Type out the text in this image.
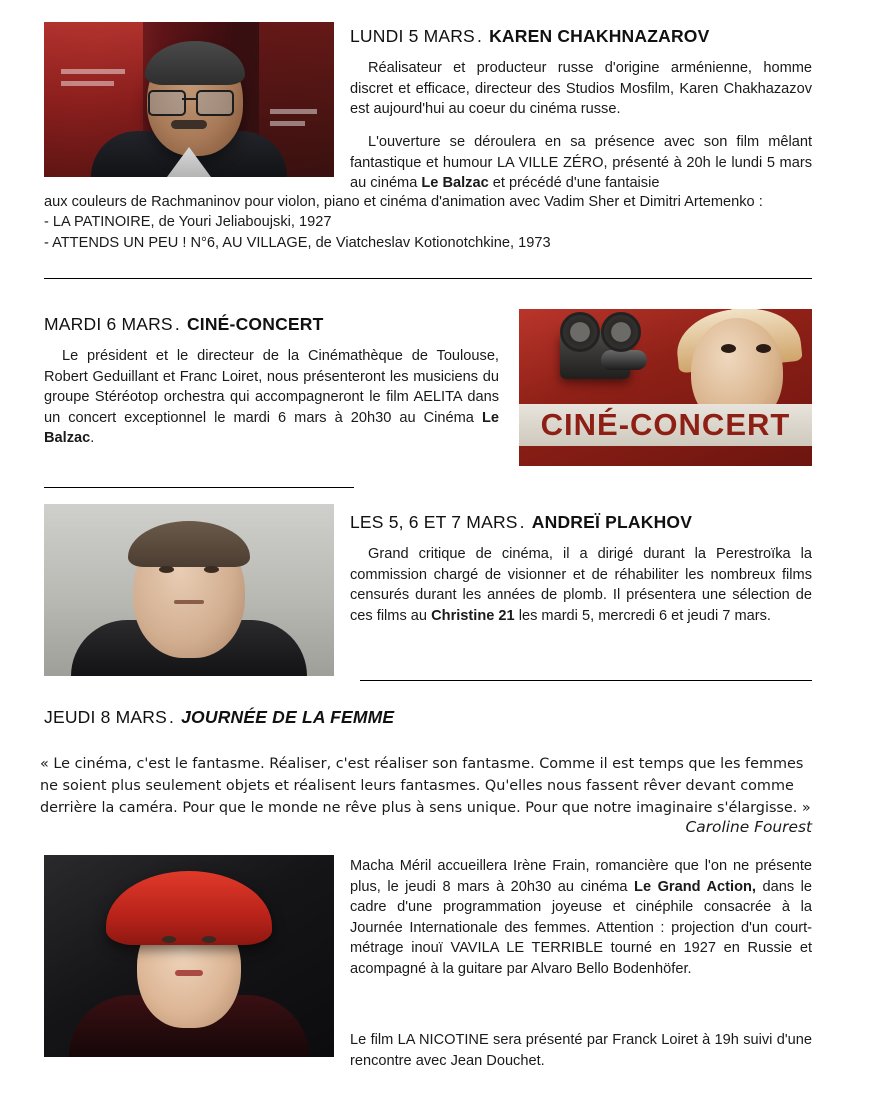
LUNDI 5 MARS . KAREN CHAKHNAZAROV
Réalisateur et producteur russe d'origine arménienne, homme discret et efficace, directeur des Studios Mosfilm, Karen Chakhazazov est aujourd'hui au coeur du cinéma russe.
L'ouverture se déroulera en sa présence avec son film mêlant fantastique et humour LA VILLE ZÉRO, présenté à 20h le lundi 5 mars au cinéma Le Balzac et précédé d'une fantaisie
aux couleurs de Rachmaninov pour violon, piano et cinéma d'animation avec Vadim Sher et Dimitri Artemenko :
- LA PATINOIRE, de Youri Jeliaboujski, 1927
- ATTENDS UN PEU ! N°6, AU VILLAGE, de Viatcheslav Kotionotchkine, 1973
MARDI 6 MARS . CINÉ-CONCERT
Le président et le directeur de la Cinémathèque de Toulouse, Robert Geduillant et Franc Loiret, nous présenteront les musiciens du groupe Stéréotop orchestra qui accompagneront le film AELITA dans un concert exceptionnel le mardi 6 mars à 20h30 au Cinéma Le Balzac.	CINÉ-CONCERT
LES 5, 6 ET 7 MARS . ANDREÏ PLAKHOV
Grand critique de cinéma, il a dirigé durant la Perestroïka la commission chargé de visionner et de réhabiliter les nombreux films censurés durant les années de plomb. Il présentera une sélection de ces films au Christine 21 les mardi 5, mercredi 6 et jeudi 7 mars.
JEUDI 8 MARS . JOURNÉE DE LA FEMME
« Le cinéma, c'est le fantasme. Réaliser, c'est réaliser son fantasme. Comme il est temps que les femmes ne soient plus seulement objets et réalisent leurs fantasmes. Qu'elles nous fassent rêver devant comme derrière la caméra. Pour que le monde ne rêve plus à sens unique. Pour que notre imaginaire s'élargisse. »
Caroline Fourest
Macha Méril accueillera Irène Frain, romancière que l'on ne présente plus, le jeudi 8 mars à 20h30 au cinéma Le Grand Action, dans le cadre d'une programmation joyeuse et cinéphile consacrée à la Journée Internationale des femmes. Attention : projection d'un court-métrage inouï VAVILA LE TERRIBLE tourné en 1927 en Russie et acompagné à la guitare par Alvaro Bello Bodenhöfer.
Le film LA NICOTINE sera présenté par Franck Loiret à 19h suivi d'une rencontre avec Jean Douchet.
